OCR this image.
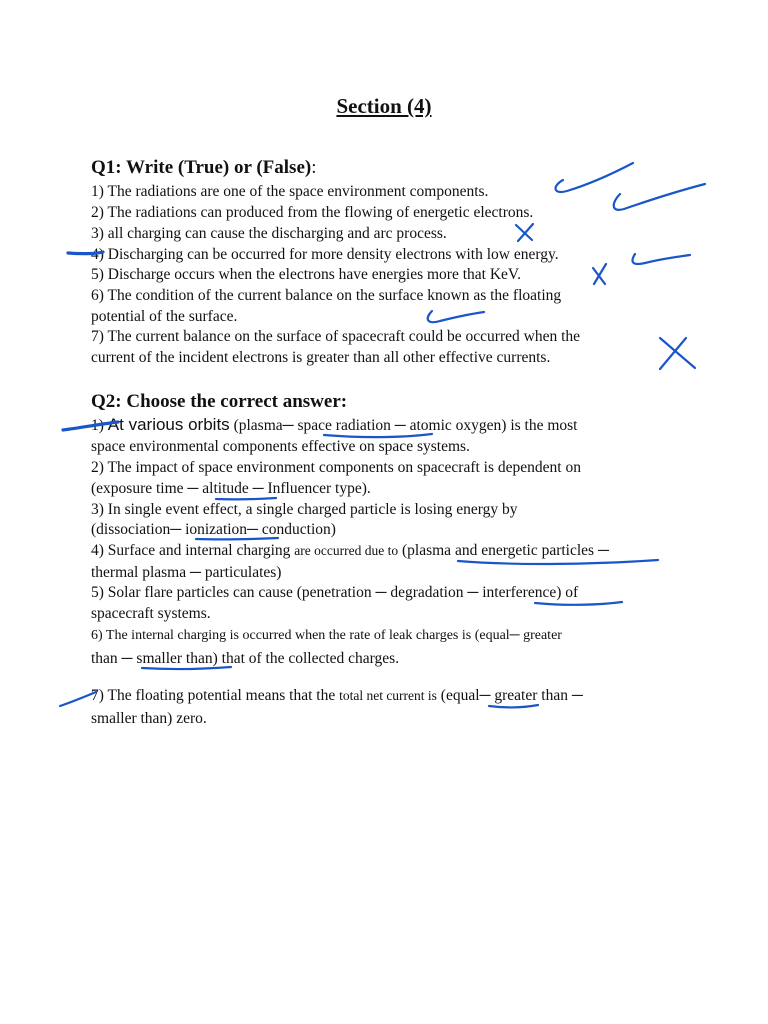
Section (4)
Q1: Write (True) or (False):
1) The radiations are one of the space environment components.
2) The radiations can produced from the flowing of energetic electrons.
3) all charging can cause the discharging and arc process.
4) Discharging can be occurred for more density electrons with low energy.
5) Discharge occurs when the electrons have energies more that KeV.
6) The condition of the current balance on the surface known as the floating
potential of the surface.
7) The current balance on the surface of spacecraft could be occurred when the
current of the incident electrons is greater than all other effective currents.
Q2: Choose the correct answer:
1) At various orbits (plasma─ space radiation ─ atomic oxygen) is the most
space environmental components effective on space systems.
2) The impact of space environment components on spacecraft is dependent on
(exposure time ─ altitude ─ Influencer type).
3) In single event effect, a single charged particle is losing energy by
(dissociation─ ionization─ conduction)
4) Surface and internal charging are occurred due to (plasma and energetic particles ─
thermal plasma ─ particulates)
5) Solar flare particles can cause (penetration ─ degradation ─ interference) of
spacecraft systems.
6) The internal charging is occurred when the rate of leak charges is (equal─ greater
than ─ smaller than) that of the collected charges.
7) The floating potential means that the total net current is (equal─ greater than ─
smaller than) zero.
